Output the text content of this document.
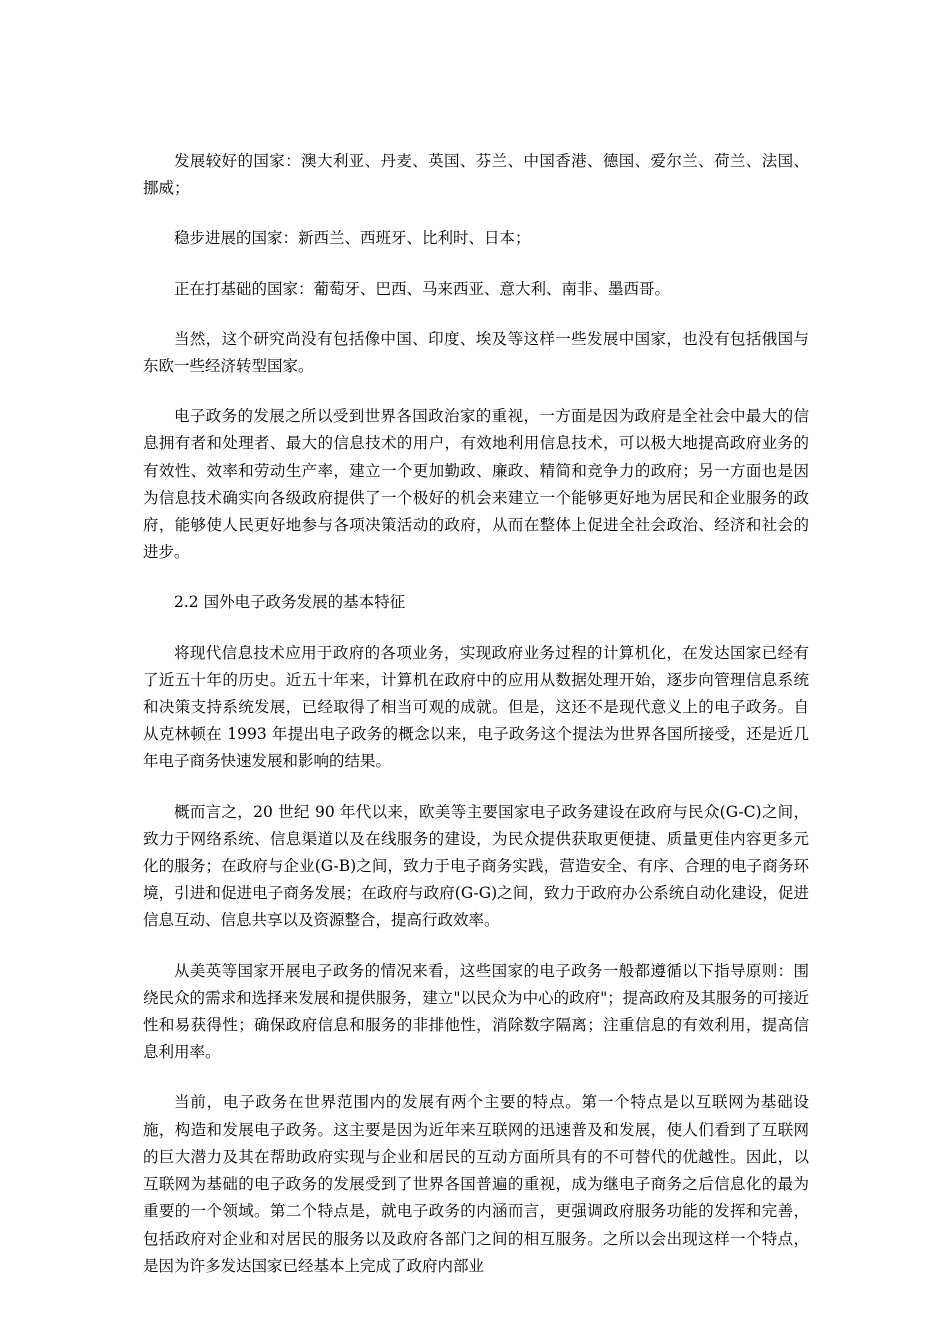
发展较好的国家：澳大利亚、丹麦、英国、芬兰、中国香港、德国、爱尔兰、荷兰、法国、挪威；

稳步进展的国家：新西兰、西班牙、比利时、日本；

正在打基础的国家：葡萄牙、巴西、马来西亚、意大利、南非、墨西哥。

当然，这个研究尚没有包括像中国、印度、埃及等这样一些发展中国家，也没有包括俄国与东欧一些经济转型国家。

电子政务的发展之所以受到世界各国政治家的重视，一方面是因为政府是全社会中最大的信息拥有者和处理者、最大的信息技术的用户，有效地利用信息技术，可以极大地提高政府业务的有效性、效率和劳动生产率，建立一个更加勤政、廉政、精简和竞争力的政府；另一方面也是因为信息技术确实向各级政府提供了一个极好的机会来建立一个能够更好地为居民和企业服务的政府，能够使人民更好地参与各项决策活动的政府，从而在整体上促进全社会政治、经济和社会的进步。

2.2 国外电子政务发展的基本特征

将现代信息技术应用于政府的各项业务，实现政府业务过程的计算机化，在发达国家已经有了近五十年的历史。近五十年来，计算机在政府中的应用从数据处理开始，逐步向管理信息系统和决策支持系统发展，已经取得了相当可观的成就。但是，这还不是现代意义上的电子政务。自从克林顿在 1993 年提出电子政务的概念以来，电子政务这个提法为世界各国所接受，还是近几年电子商务快速发展和影响的结果。

概而言之，20 世纪 90 年代以来，欧美等主要国家电子政务建设在政府与民众(G-C)之间，致力于网络系统、信息渠道以及在线服务的建设，为民众提供获取更便捷、质量更佳内容更多元化的服务；在政府与企业(G-B)之间，致力于电子商务实践，营造安全、有序、合理的电子商务环境，引进和促进电子商务发展；在政府与政府(G-G)之间，致力于政府办公系统自动化建设，促进信息互动、信息共享以及资源整合，提高行政效率。

从美英等国家开展电子政务的情况来看，这些国家的电子政务一般都遵循以下指导原则：围绕民众的需求和选择来发展和提供服务，建立"以民众为中心的政府"；提高政府及其服务的可接近性和易获得性；确保政府信息和服务的非排他性，消除数字隔离；注重信息的有效利用，提高信息利用率。

当前，电子政务在世界范围内的发展有两个主要的特点。第一个特点是以互联网为基础设施，构造和发展电子政务。这主要是因为近年来互联网的迅速普及和发展，使人们看到了互联网的巨大潜力及其在帮助政府实现与企业和居民的互动方面所具有的不可替代的优越性。因此，以互联网为基础的电子政务的发展受到了世界各国普遍的重视，成为继电子商务之后信息化的最为重要的一个领域。第二个特点是，就电子政务的内涵而言，更强调政府服务功能的发挥和完善，包括政府对企业和对居民的服务以及政府各部门之间的相互服务。之所以会出现这样一个特点，是因为许多发达国家已经基本上完成了政府内部业
